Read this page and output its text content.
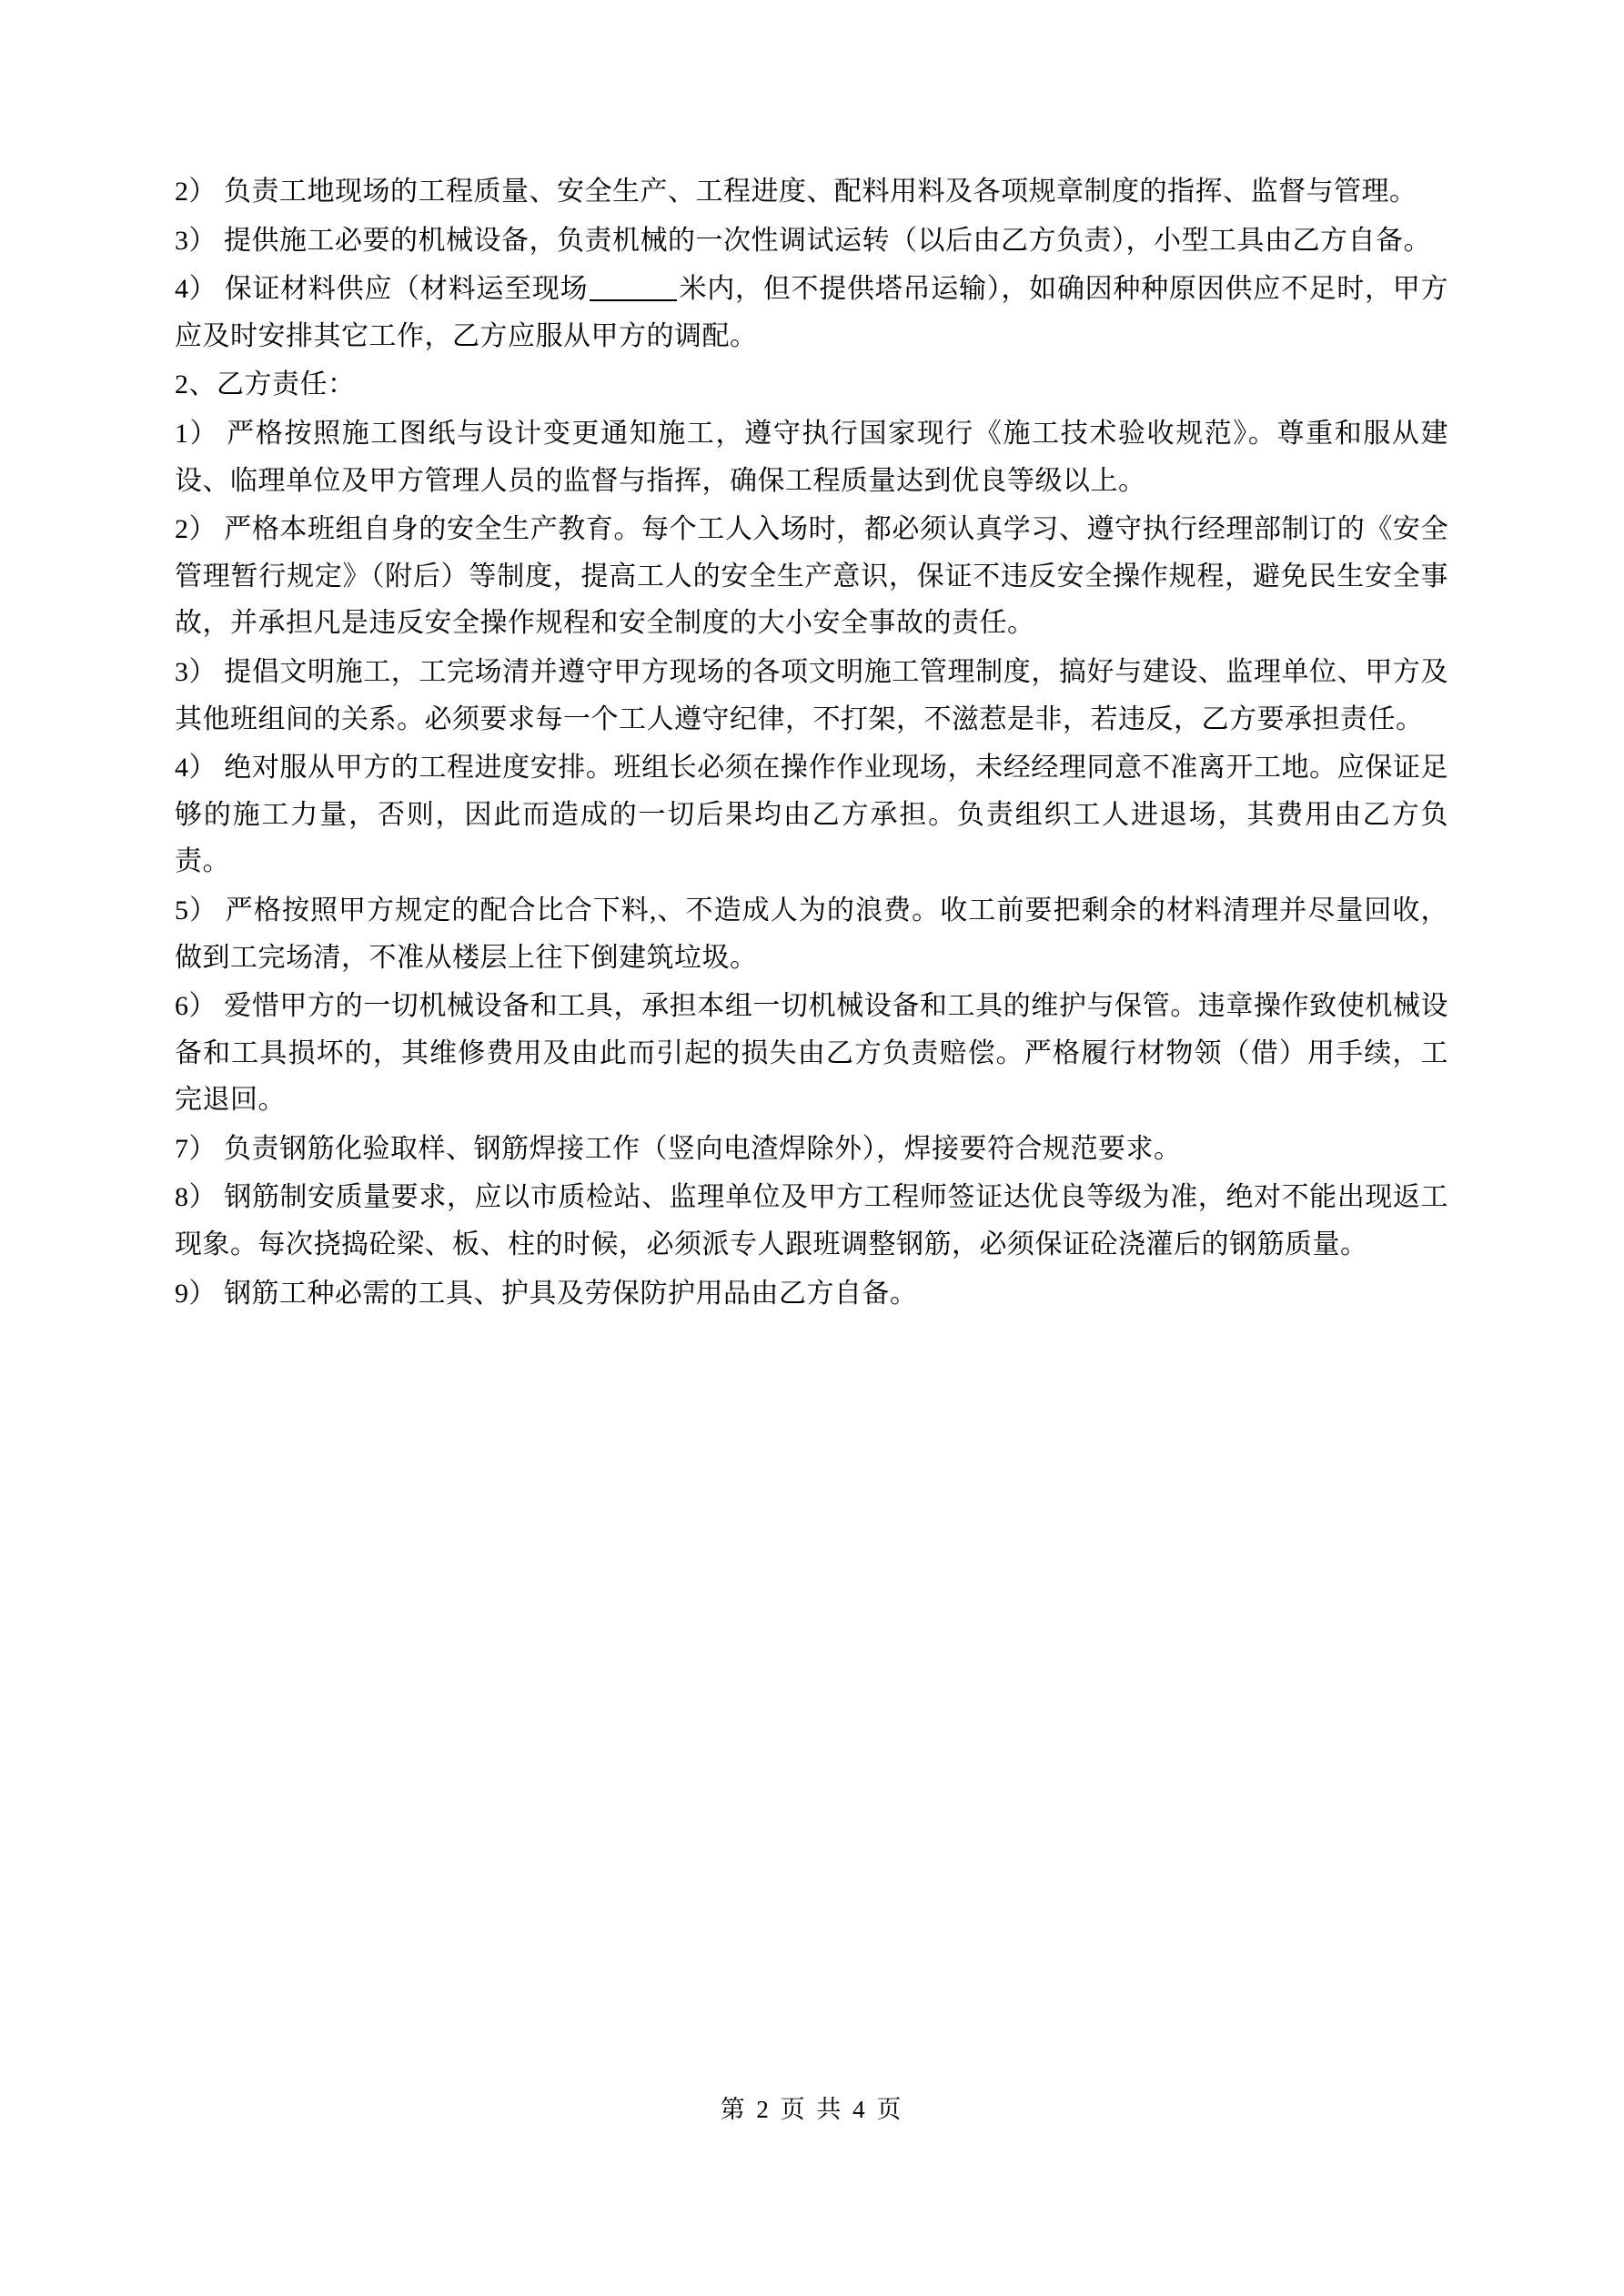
2） 负责工地现场的工程质量、安全生产、工程进度、配料用料及各项规章制度的指挥、监督与管理。

3） 提供施工必要的机械设备，负责机械的一次性调试运转（以后由乙方负责），小型工具由乙方自备。

4） 保证材料供应（材料运至现场	米内，但不提供塔吊运输），如确因种种原因供应不足时，甲方应及时安排其它工作，乙方应服从甲方的调配。

2、乙方责任：

1） 严格按照施工图纸与设计变更通知施工，遵守执行国家现行《施工技术验收规范》。尊重和服从建设、临理单位及甲方管理人员的监督与指挥，确保工程质量达到优良等级以上。

2） 严格本班组自身的安全生产教育。每个工人入场时，都必须认真学习、遵守执行经理部制订的《安全管理暂行规定》（附后）等制度，提高工人的安全生产意识，保证不违反安全操作规程，避免民生安全事故，并承担凡是违反安全操作规程和安全制度的大小安全事故的责任。

3） 提倡文明施工，工完场清并遵守甲方现场的各项文明施工管理制度，搞好与建设、监理单位、甲方及其他班组间的关系。必须要求每一个工人遵守纪律，不打架，不滋惹是非，若违反，乙方要承担责任。

4） 绝对服从甲方的工程进度安排。班组长必须在操作作业现场，未经经理同意不准离开工地。应保证足够的施工力量，否则，因此而造成的一切后果均由乙方承担。负责组织工人进退场，其费用由乙方负责。

5） 严格按照甲方规定的配合比合下料,、不造成人为的浪费。收工前要把剩余的材料清理并尽量回收，做到工完场清，不准从楼层上往下倒建筑垃圾。

6） 爱惜甲方的一切机械设备和工具，承担本组一切机械设备和工具的维护与保管。违章操作致使机械设备和工具损坏的，其维修费用及由此而引起的损失由乙方负责赔偿。严格履行材物领（借）用手续，工完退回。

7） 负责钢筋化验取样、钢筋焊接工作（竖向电渣焊除外），焊接要符合规范要求。

8） 钢筋制安质量要求，应以市质检站、监理单位及甲方工程师签证达优良等级为准，绝对不能出现返工现象。每次挠捣砼梁、板、柱的时候，必须派专人跟班调整钢筋，必须保证砼浇灌后的钢筋质量。

9） 钢筋工种必需的工具、护具及劳保防护用品由乙方自备。

第 2 页 共 4 页
